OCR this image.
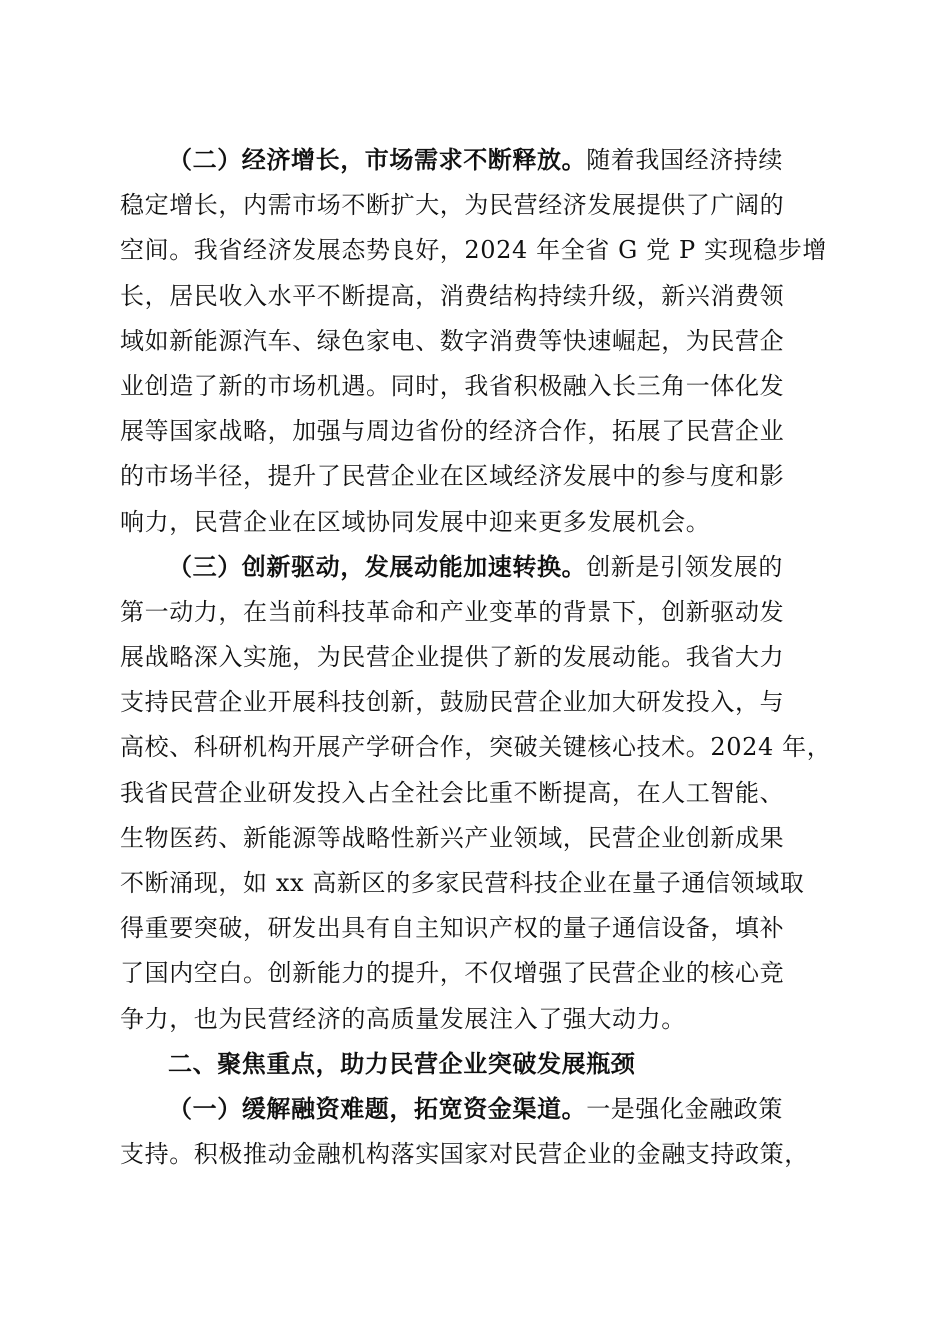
（二）经济增长，市场需求不断释放。随着我国经济持续
稳定增长，内需市场不断扩大，为民营经济发展提供了广阔的
空间。我省经济发展态势良好，2024 年全省 G 党 P 实现稳步增
长，居民收入水平不断提高，消费结构持续升级，新兴消费领
域如新能源汽车、绿色家电、数字消费等快速崛起，为民营企
业创造了新的市场机遇。同时，我省积极融入长三角一体化发
展等国家战略，加强与周边省份的经济合作，拓展了民营企业
的市场半径，提升了民营企业在区域经济发展中的参与度和影
响力，民营企业在区域协同发展中迎来更多发展机会。
（三）创新驱动，发展动能加速转换。创新是引领发展的
第一动力，在当前科技革命和产业变革的背景下，创新驱动发
展战略深入实施，为民营企业提供了新的发展动能。我省大力
支持民营企业开展科技创新，鼓励民营企业加大研发投入，与
高校、科研机构开展产学研合作，突破关键核心技术。2024 年，
我省民营企业研发投入占全社会比重不断提高，在人工智能、
生物医药、新能源等战略性新兴产业领域，民营企业创新成果
不断涌现，如 xx 高新区的多家民营科技企业在量子通信领域取
得重要突破，研发出具有自主知识产权的量子通信设备，填补
了国内空白。创新能力的提升，不仅增强了民营企业的核心竞
争力，也为民营经济的高质量发展注入了强大动力。
二、聚焦重点，助力民营企业突破发展瓶颈
（一）缓解融资难题，拓宽资金渠道。一是强化金融政策
支持。积极推动金融机构落实国家对民营企业的金融支持政策，
